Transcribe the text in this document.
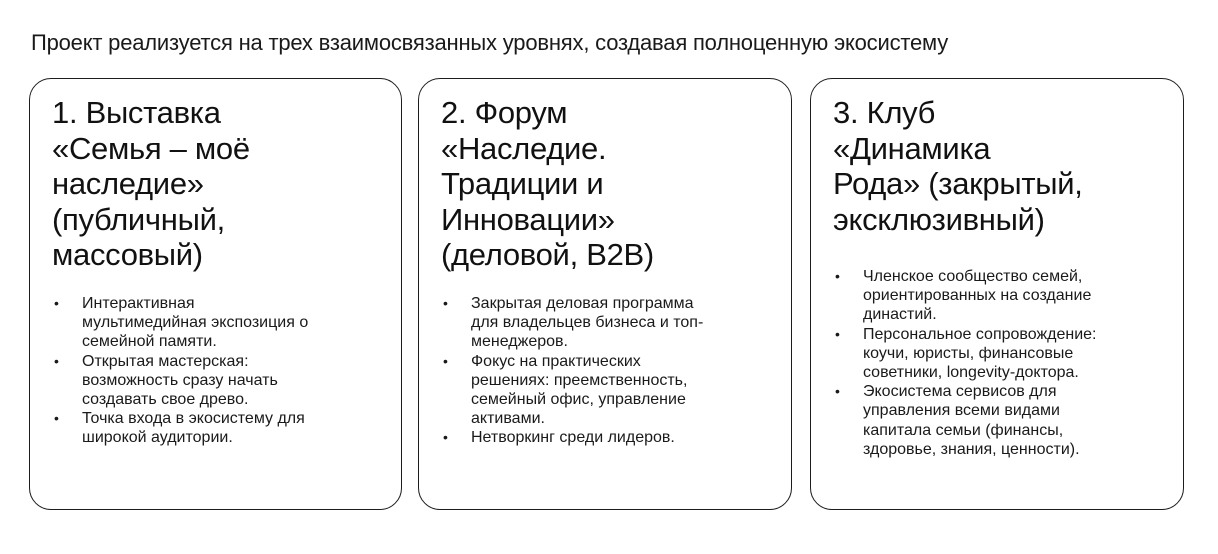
Проект реализуется на трех взаимосвязанных уровнях, создавая полноценную экосистему
1. Выставка
«Семья – моё
наследие»
(публичный,
массовый)
• Интерактивная
мультимедийная экспозиция о
семейной памяти.
• Открытая мастерская:
возможность сразу начать
создавать свое древо.
• Точка входа в экосистему для
широкой аудитории.
2. Форум
«Наследие.
Традиции и
Инновации»
(деловой, B2B)
• Закрытая деловая программа
для владельцев бизнеса и топ-
менеджеров.
• Фокус на практических
решениях: преемственность,
семейный офис, управление
активами.
• Нетворкинг среди лидеров.
3. Клуб
«Динамика
Рода» (закрытый,
эксклюзивный)
• Членское сообщество семей,
ориентированных на создание
династий.
• Персональное сопровождение:
коучи, юристы, финансовые
советники, longevity-доктора.
• Экосистема сервисов для
управления всеми видами
капитала семьи (финансы,
здоровье, знания, ценности).
